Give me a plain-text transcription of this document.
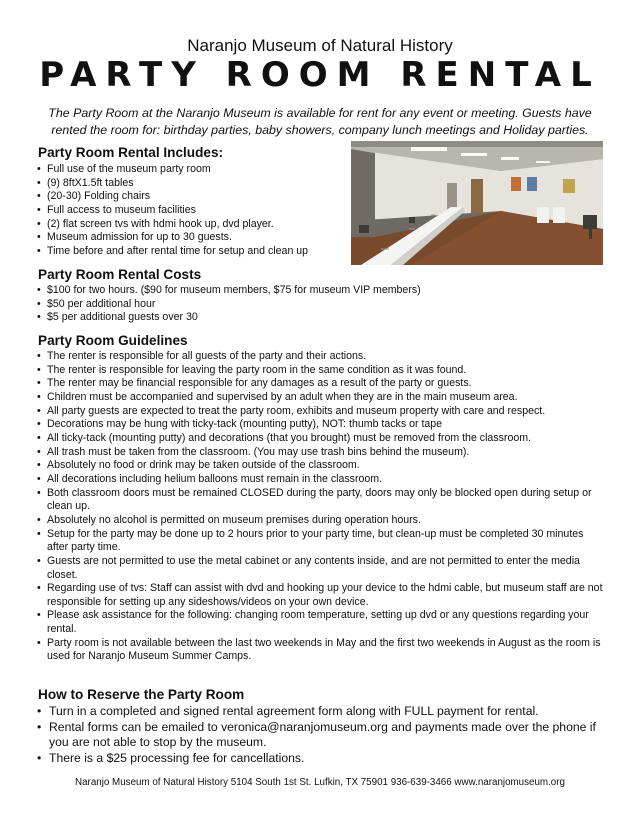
Naranjo Museum of Natural History
PARTY ROOM RENTAL
The Party Room at the Naranjo Museum is available for rent for any event or meeting. Guests have rented the room for: birthday parties, baby showers, company lunch meetings and Holiday parties.
Party Room Rental Includes:
• Full use of the museum party room
• (9) 8ftX1.5ft tables
• (20-30) Folding chairs
• Full access to museum facilities
• (2) flat screen tvs with hdmi hook up, dvd player.
• Museum admission for up to 30 guests.
• Time before and after rental time for setup and clean up
Party Room Rental Costs
• $100 for two hours. ($90 for museum members, $75 for museum VIP members)
• $50 per additional hour
• $5 per additional guests over 30
Party Room Guidelines
• The renter is responsible for all guests of the party and their actions.
• The renter is responsible for leaving the party room in the same condition as it was found.
• The renter may be financial responsible for any damages as a result of the party or guests.
• Children must be accompanied and supervised by an adult when they are in the main museum area.
• All party guests are expected to treat the party room, exhibits and museum property with care and respect.
• Decorations may be hung with ticky-tack (mounting putty), NOT: thumb tacks or tape
• All ticky-tack (mounting putty) and decorations (that you brought) must be removed from the classroom.
• All trash must be taken from the classroom. (You may use trash bins behind the museum).
• Absolutely no food or drink may be taken outside of the classroom.
• All decorations including helium balloons must remain in the classroom.
• Both classroom doors must be remained CLOSED during the party, doors may only be blocked open during setup or clean up.
• Absolutely no alcohol is permitted on museum premises during operation hours.
• Setup for the party may be done up to 2 hours prior to your party time, but clean-up must be completed 30 minutes after party time.
• Guests are not permitted to use the metal cabinet or any contents inside, and are not permitted to enter the media closet.
• Regarding use of tvs: Staff can assist with dvd and hooking up your device to the hdmi cable, but museum staff are not responsible for setting up any sideshows/videos on your own device.
• Please ask assistance for the following: changing room temperature, setting up dvd or any questions regarding your rental.
• Party room is not available between the last two weekends in May and the first two weekends in August as the room is used for Naranjo Museum Summer Camps.
How to Reserve the Party Room
• Turn in a completed and signed rental agreement form along with FULL payment for rental.
• Rental forms can be emailed to veronica@naranjomuseum.org and payments made over the phone if you are not able to stop by the museum.
• There is a $25 processing fee for cancellations.
Naranjo Museum of Natural History 5104 South 1st St. Lufkin, TX 75901 936-639-3466 www.naranjomuseum.org
